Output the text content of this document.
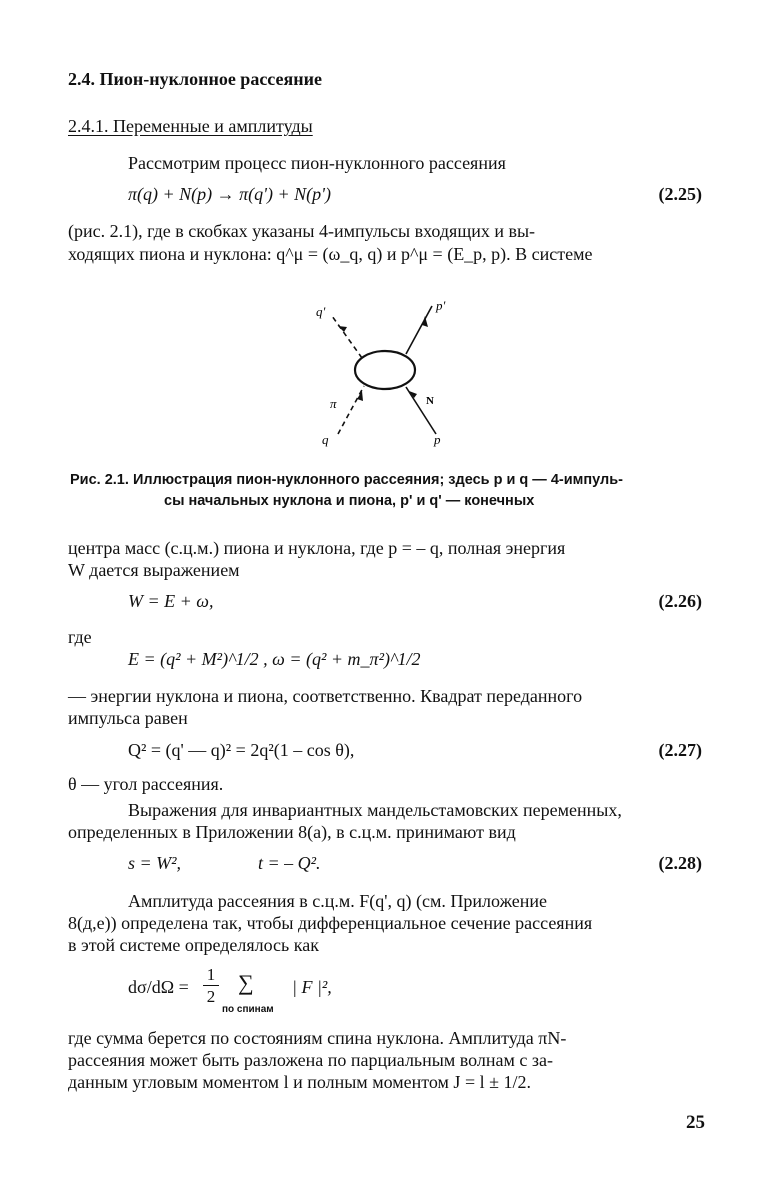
2.4. Пион-нуклонное рассеяние
2.4.1. Переменные и амплитуды
Рассмотрим процесс пион-нуклонного рассеяния
π(q) + N(p) → π(q') + N(p')	(2.25)
(рис. 2.1), где в скобках указаны 4-импульсы входящих и вы-
ходящих пиона и нуклона: q^μ = (ω_q, q) и p^μ = (E_p, p). В системе
q'	p'
π	N
q	p
Рис. 2.1. Иллюстрация пион-нуклонного рассеяния; здесь p и q — 4-импуль-
сы начальных нуклона и пиона, p' и q' — конечных
центра масс (с.ц.м.) пиона и нуклона, где p = – q, полная энергия
W дается выражением
W = E + ω,	(2.26)
где
E = (q² + M²)^1/2 , ω = (q² + m_π²)^1/2
— энергии нуклона и пиона, соответственно. Квадрат переданного
импульса равен
Q² = (q' — q)² = 2q²(1 – cos θ),	(2.27)
θ — угол рассеяния.
Выражения для инвариантных мандельстамовских переменных,
определенных в Приложении 8(а), в с.ц.м. принимают вид
s = W²,	t = – Q².	(2.28)
Амплитуда рассеяния в с.ц.м. F(q', q) (см. Приложение
8(д,е)) определена так, чтобы дифференциальное сечение рассеяния
в этой системе определялось как
dσ/dΩ =
1
2
∑
по спинам
| F |²,
где сумма берется по состояниям спина нуклона. Амплитуда πN-
рассеяния может быть разложена по парциальным волнам с за-
данным угловым моментом l и полным моментом J = l ± 1/2.
25
